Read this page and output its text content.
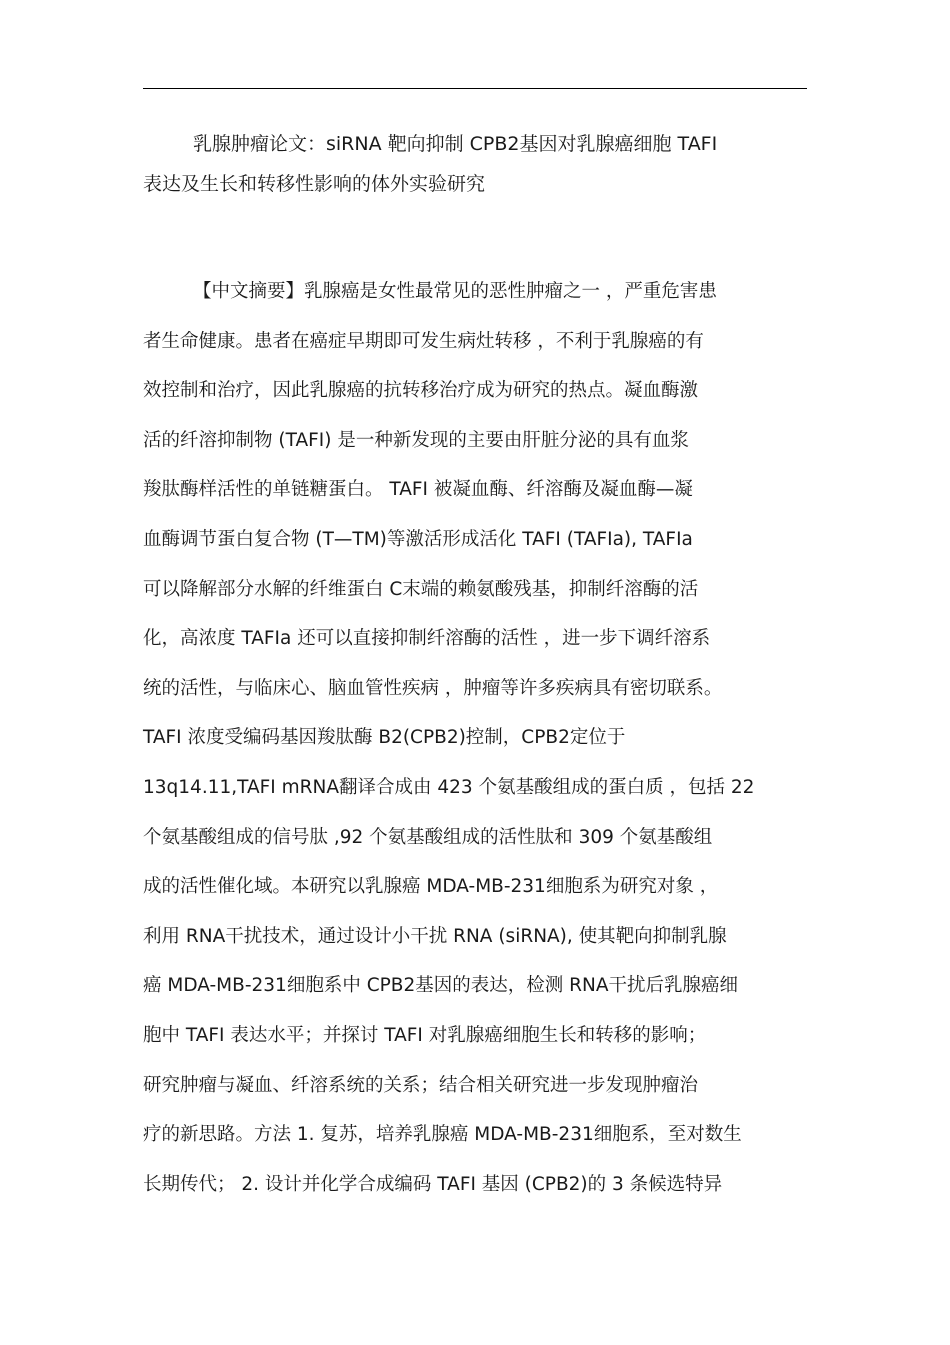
乳腺肿瘤论文：siRNA 靶向抑制 CPB2基因对乳腺癌细胞 TAFI
表达及生长和转移性影响的体外实验研究
【中文摘要】乳腺癌是女性最常见的恶性肿瘤之一 ，严重危害患
者生命健康。患者在癌症早期即可发生病灶转移 ，不利于乳腺癌的有
效控制和治疗，因此乳腺癌的抗转移治疗成为研究的热点。凝血酶激
活的纤溶抑制物 (TAFI) 是一种新发现的主要由肝脏分泌的具有血浆
羧肽酶样活性的单链糖蛋白。 TAFI 被凝血酶、纤溶酶及凝血酶—凝
血酶调节蛋白复合物 (T—TM)等激活形成活化 TAFI (TAFIa), TAFIa
可以降解部分水解的纤维蛋白 C末端的赖氨酸残基，抑制纤溶酶的活
化，高浓度 TAFIa 还可以直接抑制纤溶酶的活性 ，进一步下调纤溶系
统的活性，与临床心、脑血管性疾病 ，肿瘤等许多疾病具有密切联系。
TAFI 浓度受编码基因羧肽酶 B2(CPB2)控制，CPB2定位于
13q14.11,TAFI mRNA翻译合成由 423 个氨基酸组成的蛋白质 ，包括 22
个氨基酸组成的信号肽 ,92 个氨基酸组成的活性肽和 309 个氨基酸组
成的活性催化域。本研究以乳腺癌 MDA-MB-231细胞系为研究对象 ，
利用 RNA干扰技术，通过设计小干扰 RNA (siRNA), 使其靶向抑制乳腺
癌 MDA-MB-231细胞系中 CPB2基因的表达，检测 RNA干扰后乳腺癌细
胞中 TAFI 表达水平；并探讨 TAFI 对乳腺癌细胞生长和转移的影响；
研究肿瘤与凝血、纤溶系统的关系；结合相关研究进一步发现肿瘤治
疗的新思路。方法 1. 复苏，培养乳腺癌 MDA-MB-231细胞系，至对数生
长期传代； 2. 设计并化学合成编码 TAFI 基因 (CPB2)的 3 条候选特异
